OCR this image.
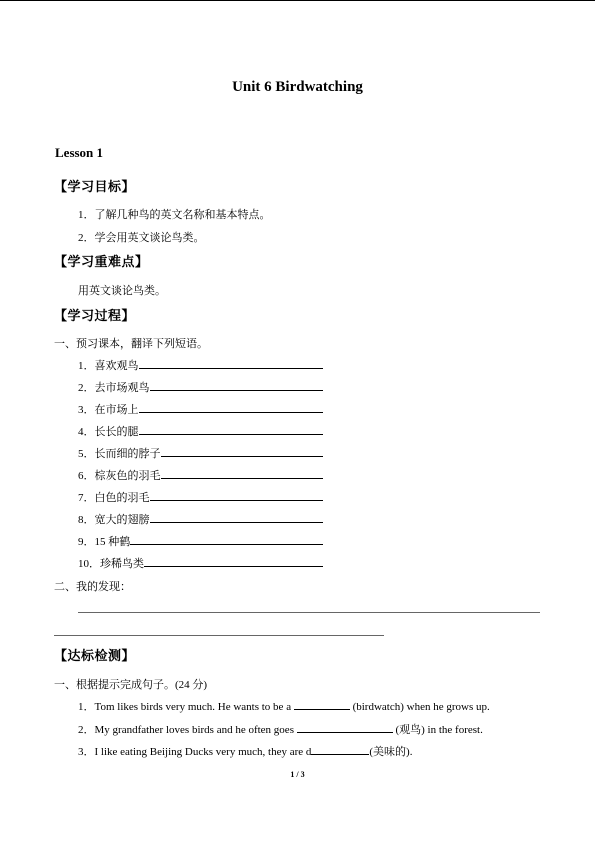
Unit 6 Birdwatching
Lesson 1
【学习目标】
1．了解几种鸟的英文名称和基本特点。
2．学会用英文谈论鸟类。
【学习重难点】
用英文谈论鸟类。
【学习过程】
一、预习课本，翻译下列短语。
1．喜欢观鸟
2．去市场观鸟
3．在市场上
4．长长的腿
5．长而细的脖子
6．棕灰色的羽毛
7．白色的羽毛
8．宽大的翅膀
9．15 种鹤
10．珍稀鸟类
二、我的发现：
【达标检测】
一、根据提示完成句子。(24 分)
1．Tom likes birds very much. He wants to be a	(birdwatch) when he grows up.
2．My grandfather loves birds and he often goes	(观鸟) in the forest.
3．I like eating Beijing Ducks very much, they are d	(美味的).
1 / 3
